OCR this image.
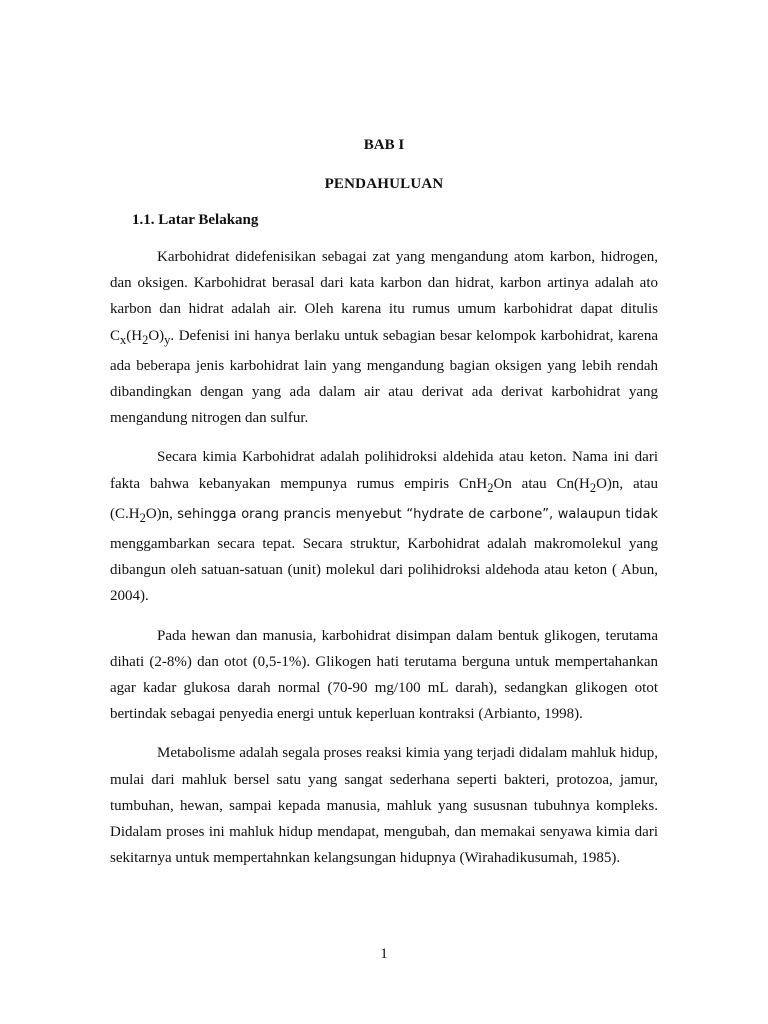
BAB I
PENDAHULUAN
1.1. Latar Belakang

Karbohidrat didefenisikan sebagai zat yang mengandung atom karbon, hidrogen, dan oksigen. Karbohidrat berasal dari kata karbon dan hidrat, karbon artinya adalah ato karbon dan hidrat adalah air. Oleh karena itu rumus umum karbohidrat dapat ditulis $C_x(H_2O)_y$. Defenisi ini hanya berlaku untuk sebagian besar kelompok karbohidrat, karena ada beberapa jenis karbohidrat lain yang mengandung bagian oksigen yang lebih rendah dibandingkan dengan yang ada dalam air atau derivat ada derivat karbohidrat yang mengandung nitrogen dan sulfur.

Secara kimia Karbohidrat adalah polihidroksi aldehida atau keton. Nama ini dari fakta bahwa kebanyakan mempunya rumus empiris CnH$_2$On atau $Cn(H_2O)n$, atau $(C.H_2O)n$, sehingga orang prancis menyebut “hydrate de carbone”, walaupun tidak menggambarkan secara tepat. Secara struktur, Karbohidrat adalah makromolekul yang dibangun oleh satuan-satuan (unit) molekul dari polihidroksi aldehoda atau keton ( Abun, 2004).

Pada hewan dan manusia, karbohidrat disimpan dalam bentuk glikogen, terutama dihati (2-8%) dan otot (0,5-1%). Glikogen hati terutama berguna untuk mempertahankan agar kadar glukosa darah normal (70-90 mg/100 mL darah), sedangkan glikogen otot bertindak sebagai penyedia energi untuk keperluan kontraksi (Arbianto, 1998).

Metabolisme adalah segala proses reaksi kimia yang terjadi didalam mahluk hidup, mulai dari mahluk bersel satu yang sangat sederhana seperti bakteri, protozoa, jamur, tumbuhan, hewan, sampai kepada manusia, mahluk yang sususnan tubuhnya kompleks. Didalam proses ini mahluk hidup mendapat, mengubah, dan memakai senyawa kimia dari sekitarnya untuk mempertahnkan kelangsungan hidupnya (Wirahadikusumah, 1985).

1
